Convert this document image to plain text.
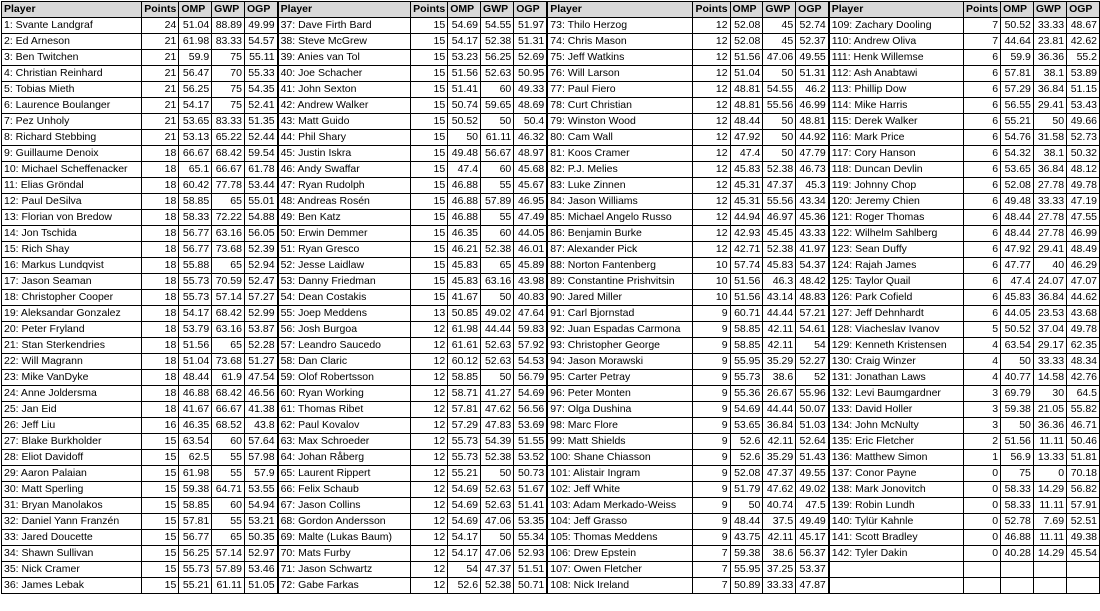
Player	Points	OMP	GWP	OGP	Player	Points	OMP	GWP	OGP	Player	Points	OMP	GWP	OGP	Player	Points	OMP	GWP	OGP
1: Svante Landgraf	24	51.04	88.89	49.99	37: Dave Firth Bard	15	54.69	54.55	51.97	73: Thilo Herzog	12	52.08	45	52.74	109: Zachary Dooling	7	50.52	33.33	48.67
2: Ed Arneson	21	61.98	83.33	54.57	38: Steve McGrew	15	54.17	52.38	51.31	74: Chris Mason	12	52.08	45	52.37	110: Andrew Oliva	7	44.64	23.81	42.62
3: Ben Twitchen	21	59.9	75	55.11	39: Anies van Tol	15	53.23	56.25	52.69	75: Jeff Watkins	12	51.56	47.06	49.55	111: Henk Willemse	6	59.9	36.36	55.2
4: Christian Reinhard	21	56.47	70	55.33	40: Joe Schacher	15	51.56	52.63	50.95	76: Will Larson	12	51.04	50	51.31	112: Ash Anabtawi	6	57.81	38.1	53.89
5: Tobias Mieth	21	56.25	75	54.35	41: John Sexton	15	51.41	60	49.33	77: Paul Fiero	12	48.81	54.55	46.2	113: Phillip Dow	6	57.29	36.84	51.15
6: Laurence Boulanger	21	54.17	75	52.41	42: Andrew Walker	15	50.74	59.65	48.69	78: Curt Christian	12	48.81	55.56	46.99	114: Mike Harris	6	56.55	29.41	53.43
7: Pez Unholy	21	53.65	83.33	51.35	43: Matt Guido	15	50.52	50	50.4	79: Winston Wood	12	48.44	50	48.81	115: Derek Walker	6	55.21	50	49.66
8: Richard Stebbing	21	53.13	65.22	52.44	44: Phil Shary	15	50	61.11	46.32	80: Cam Wall	12	47.92	50	44.92	116: Mark Price	6	54.76	31.58	52.73
9: Guillaume Denoix	18	66.67	68.42	59.54	45: Justin Iskra	15	49.48	56.67	48.97	81: Koos Cramer	12	47.4	50	47.79	117: Cory Hanson	6	54.32	38.1	50.32
10: Michael Scheffenacker	18	65.1	66.67	61.78	46: Andy Swaffar	15	47.4	60	45.68	82: P.J. Melies	12	45.83	52.38	46.73	118: Duncan Devlin	6	53.65	36.84	48.12
11: Elias Gröndal	18	60.42	77.78	53.44	47: Ryan Rudolph	15	46.88	55	45.67	83: Luke Zinnen	12	45.31	47.37	45.3	119: Johnny Chop	6	52.08	27.78	49.78
12: Paul DeSilva	18	58.85	65	55.01	48: Andreas Rosén	15	46.88	57.89	46.95	84: Jason Williams	12	45.31	55.56	43.34	120: Jeremy Chien	6	49.48	33.33	47.19
13: Florian von Bredow	18	58.33	72.22	54.88	49: Ben Katz	15	46.88	55	47.49	85: Michael Angelo Russo	12	44.94	46.97	45.36	121: Roger Thomas	6	48.44	27.78	47.55
14: Jon Tschida	18	56.77	63.16	56.05	50: Erwin Demmer	15	46.35	60	44.05	86: Benjamin Burke	12	42.93	45.45	43.33	122: Wilhelm Sahlberg	6	48.44	27.78	46.99
15: Rich Shay	18	56.77	73.68	52.39	51: Ryan Gresco	15	46.21	52.38	46.01	87: Alexander Pick	12	42.71	52.38	41.97	123: Sean Duffy	6	47.92	29.41	48.49
16: Markus Lundqvist	18	55.88	65	52.94	52: Jesse Laidlaw	15	45.83	65	45.89	88: Norton Fantenberg	10	57.74	45.83	54.37	124: Rajah James	6	47.77	40	46.29
17: Jason Seaman	18	55.73	70.59	52.47	53: Danny Friedman	15	45.83	63.16	43.98	89: Constantine Prishvitsin	10	51.56	46.3	48.42	125: Taylor Quail	6	47.4	24.07	47.07
18: Christopher Cooper	18	55.73	57.14	57.27	54: Dean Costakis	15	41.67	50	40.83	90: Jared Miller	10	51.56	43.14	48.83	126: Park Cofield	6	45.83	36.84	44.62
19: Aleksandar Gonzalez	18	54.17	68.42	52.99	55: Joep Meddens	13	50.85	49.02	47.64	91: Carl Bjornstad	9	60.71	44.44	57.21	127: Jeff Dehnhardt	6	44.05	23.53	43.68
20: Peter Fryland	18	53.79	63.16	53.87	56: Josh Burgoa	12	61.98	44.44	59.83	92: Juan Espadas Carmona	9	58.85	42.11	54.61	128: Viacheslav Ivanov	5	50.52	37.04	49.78
21: Stan Sterkendries	18	51.56	65	52.28	57: Leandro Saucedo	12	61.61	52.63	57.92	93: Christopher George	9	58.85	42.11	54	129: Kenneth Kristensen	4	63.54	29.17	62.35
22: Will Magrann	18	51.04	73.68	51.27	58: Dan Claric	12	60.12	52.63	54.53	94: Jason Morawski	9	55.95	35.29	52.27	130: Craig Winzer	4	50	33.33	48.34
23: Mike VanDyke	18	48.44	61.9	47.54	59: Olof Robertsson	12	58.85	50	56.79	95: Carter Petray	9	55.73	38.6	52	131: Jonathan Laws	4	40.77	14.58	42.76
24: Anne Joldersma	18	46.88	68.42	46.56	60: Ryan Working	12	58.71	41.27	54.69	96: Peter Monten	9	55.36	26.67	55.96	132: Levi Baumgardner	3	69.79	30	64.5
25: Jan Eid	18	41.67	66.67	41.38	61: Thomas Ribet	12	57.81	47.62	56.56	97: Olga Dushina	9	54.69	44.44	50.07	133: David Holler	3	59.38	21.05	55.82
26: Jeff Liu	16	46.35	68.52	43.8	62: Paul Kovalov	12	57.29	47.83	53.69	98: Marc Flore	9	53.65	36.84	51.03	134: John McNulty	3	50	36.36	46.71
27: Blake Burkholder	15	63.54	60	57.64	63: Max Schroeder	12	55.73	54.39	51.55	99: Matt Shields	9	52.6	42.11	52.64	135: Eric Fletcher	2	51.56	11.11	50.46
28: Eliot Davidoff	15	62.5	55	57.98	64: Johan Råberg	12	55.73	52.38	53.52	100: Shane Chiasson	9	52.6	35.29	51.43	136: Matthew Simon	1	56.9	13.33	51.81
29: Aaron Palaian	15	61.98	55	57.9	65: Laurent Rippert	12	55.21	50	50.73	101: Alistair Ingram	9	52.08	47.37	49.55	137: Conor Payne	0	75	0	70.18
30: Matt Sperling	15	59.38	64.71	53.55	66: Felix Schaub	12	54.69	52.63	51.67	102: Jeff White	9	51.79	47.62	49.02	138: Mark Jonovitch	0	58.33	14.29	56.82
31: Bryan Manolakos	15	58.85	60	54.94	67: Jason Collins	12	54.69	52.63	51.41	103: Adam Merkado-Weiss	9	50	40.74	47.5	139: Robin Lundh	0	58.33	11.11	57.91
32: Daniel Yann Franzén	15	57.81	55	53.21	68: Gordon Andersson	12	54.69	47.06	53.35	104: Jeff Grasso	9	48.44	37.5	49.49	140: Tylür Kahnle	0	52.78	7.69	52.51
33: Jared Doucette	15	56.77	65	50.35	69: Malte (Lukas Baum)	12	54.17	50	55.34	105: Thomas Meddens	9	43.75	42.11	45.17	141: Scott Bradley	0	46.88	11.11	49.38
34: Shawn Sullivan	15	56.25	57.14	52.97	70: Mats Furby	12	54.17	47.06	52.93	106: Drew Epstein	7	59.38	38.6	56.37	142: Tyler Dakin	0	40.28	14.29	45.54
35: Nick Cramer	15	55.73	57.89	53.46	71: Jason Schwartz	12	54	47.37	51.51	107: Owen Fletcher	7	55.95	37.25	53.37					
36: James Lebak	15	55.21	61.11	51.05	72: Gabe Farkas	12	52.6	52.38	50.71	108: Nick Ireland	7	50.89	33.33	47.87					
